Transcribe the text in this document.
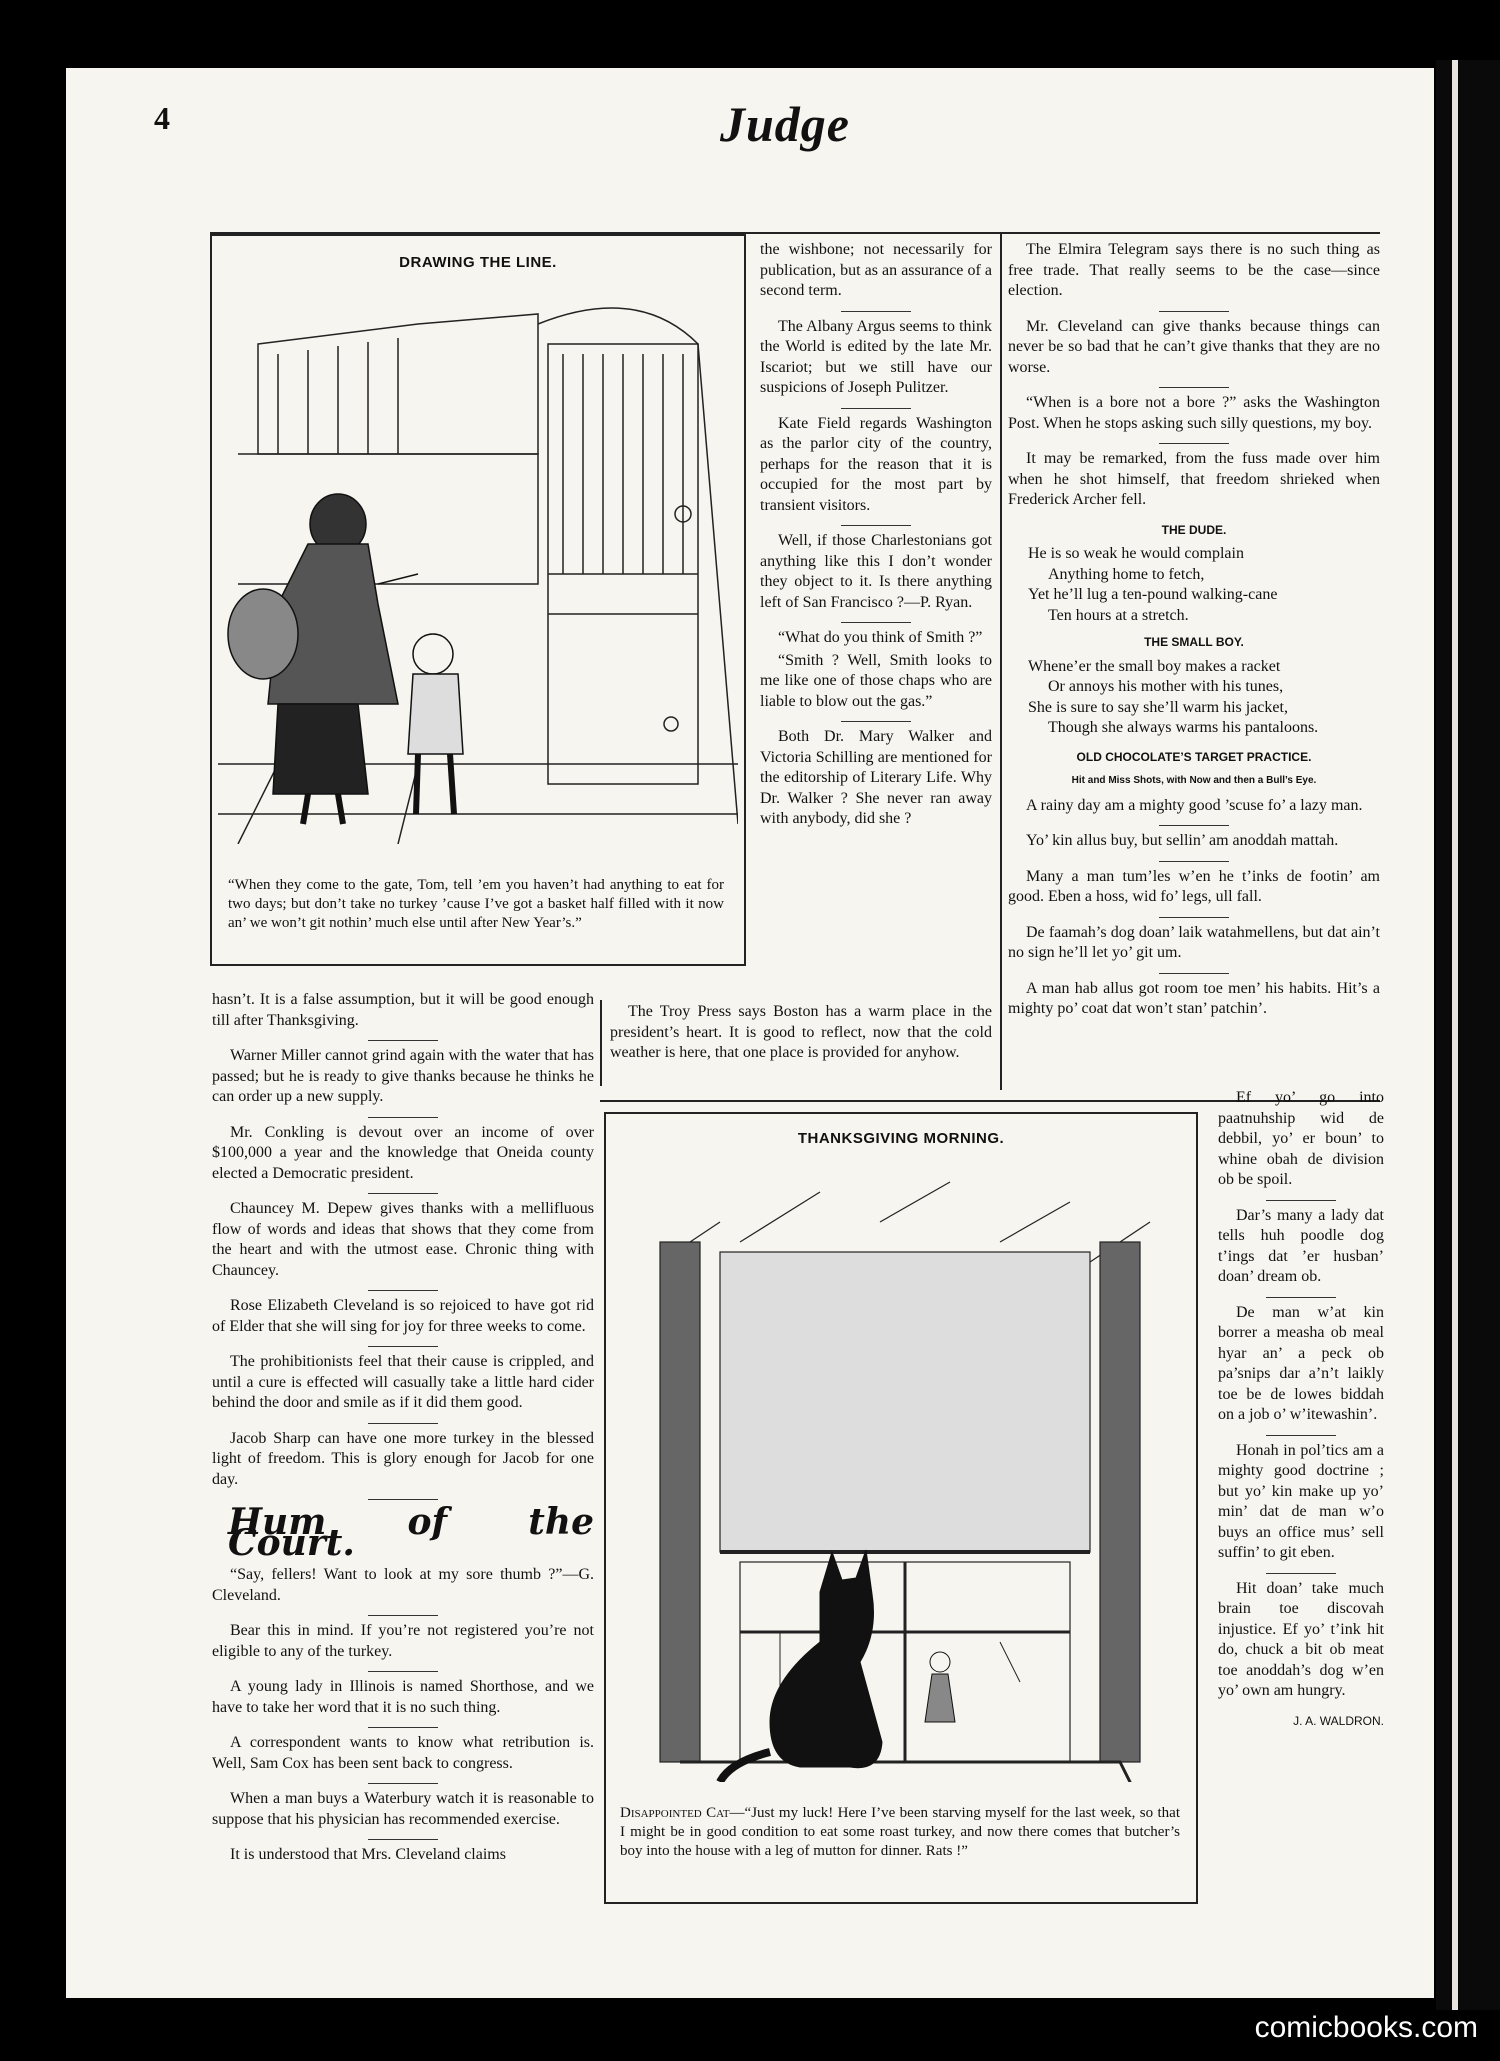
4	Judge
DRAWING THE LINE.
“When they come to the gate, Tom, tell ’em you haven’t had anything to eat for two days; but don’t take no turkey ’cause I’ve got a basket half filled with it now an’ we won’t git nothin’ much else until after New Year’s.”

the wishbone; not necessarily for publication, but as an assurance of a second term.

The Albany Argus seems to think the World is edited by the late Mr. Iscariot; but we still have our suspicions of Joseph Pulitzer.

Kate Field regards Washington as the parlor city of the country, perhaps for the reason that it is occupied for the most part by transient visitors.

Well, if those Charlestonians got anything like this I don’t wonder they object to it. Is there anything left of San Francisco ?—P. Ryan.

“What do you think of Smith ?”

“Smith ? Well, Smith looks to me like one of those chaps who are liable to blow out the gas.”

Both Dr. Mary Walker and Victoria Schilling are mentioned for the editorship of Literary Life. Why Dr. Walker ? She never ran away with anybody, did she ?

The Elmira Telegram says there is no such thing as free trade. That really seems to be the case—since election.

Mr. Cleveland can give thanks because things can never be so bad that he can’t give thanks that they are no worse.

“When is a bore not a bore ?” asks the Washington Post. When he stops asking such silly questions, my boy.

It may be remarked, from the fuss made over him when he shot himself, that freedom shrieked when Frederick Archer fell.

THE DUDE.
He is so weak he would complain
Anything home to fetch,
Yet he’ll lug a ten-pound walking-cane
Ten hours at a stretch.
THE SMALL BOY.
Whene’er the small boy makes a racket
Or annoys his mother with his tunes,
She is sure to say she’ll warm his jacket,
Though she always warms his pantaloons.
OLD CHOCOLATE’S TARGET PRACTICE.
Hit and Miss Shots, with Now and then a Bull’s Eye.

A rainy day am a mighty good ’scuse fo’ a lazy man.

Yo’ kin allus buy, but sellin’ am anoddah mattah.

Many a man tum’les w’en he t’inks de footin’ am good. Eben a hoss, wid fo’ legs, ull fall.

De faamah’s dog doan’ laik watahmellens, but dat ain’t no sign he’ll let yo’ git um.

A man hab allus got room toe men’ his habits. Hit’s a mighty po’ coat dat won’t stan’ patchin’.

The Troy Press says Boston has a warm place in the president’s heart. It is good to reflect, now that the cold weather is here, that one place is provided for anyhow.

hasn’t. It is a false assumption, but it will be good enough till after Thanksgiving.

Warner Miller cannot grind again with the water that has passed; but he is ready to give thanks because he thinks he can order up a new supply.

Mr. Conkling is devout over an income of over $100,000 a year and the knowledge that Oneida county elected a Democratic president.

Chauncey M. Depew gives thanks with a mellifluous flow of words and ideas that shows that they come from the heart and with the utmost ease. Chronic thing with Chauncey.

Rose Elizabeth Cleveland is so rejoiced to have got rid of Elder that she will sing for joy for three weeks to come.

The prohibitionists feel that their cause is crippled, and until a cure is effected will casually take a little hard cider behind the door and smile as if it did them good.

Jacob Sharp can have one more turkey in the blessed light of freedom. This is glory enough for Jacob for one day.

Hum of the Court.

“Say, fellers! Want to look at my sore thumb ?”—G. Cleveland.

Bear this in mind. If you’re not registered you’re not eligible to any of the turkey.

A young lady in Illinois is named Shorthose, and we have to take her word that it is no such thing.

A correspondent wants to know what retribution is. Well, Sam Cox has been sent back to congress.

When a man buys a Waterbury watch it is reasonable to suppose that his physician has recommended exercise.

It is understood that Mrs. Cleveland claims

THANKSGIVING MORNING.
Disappointed Cat—“Just my luck! Here I’ve been starving myself for the last week, so that I might be in good condition to eat some roast turkey, and now there comes that butcher’s boy into the house with a leg of mutton for dinner. Rats !”

Ef yo’ go into paatnuhship wid de debbil, yo’ er boun’ to whine obah de division ob be spoil.

Dar’s many a lady dat tells huh poodle dog t’ings dat ’er husban’ doan’ dream ob.

De man w’at kin borrer a measha ob meal hyar an’ a peck ob pa’snips dar a’n’t laikly toe be de lowes biddah on a job o’ w’itewashin’.

Honah in pol’tics am a mighty good doctrine ; but yo’ kin make up yo’ min’ dat de man w’o buys an office mus’ sell suffin’ to git eben.

Hit doan’ take much brain toe discovah injustice. Ef yo’ t’ink hit do, chuck a bit ob meat toe anoddah’s dog w’en yo’ own am hungry.

J. A. WALDRON.
comicbooks.com
